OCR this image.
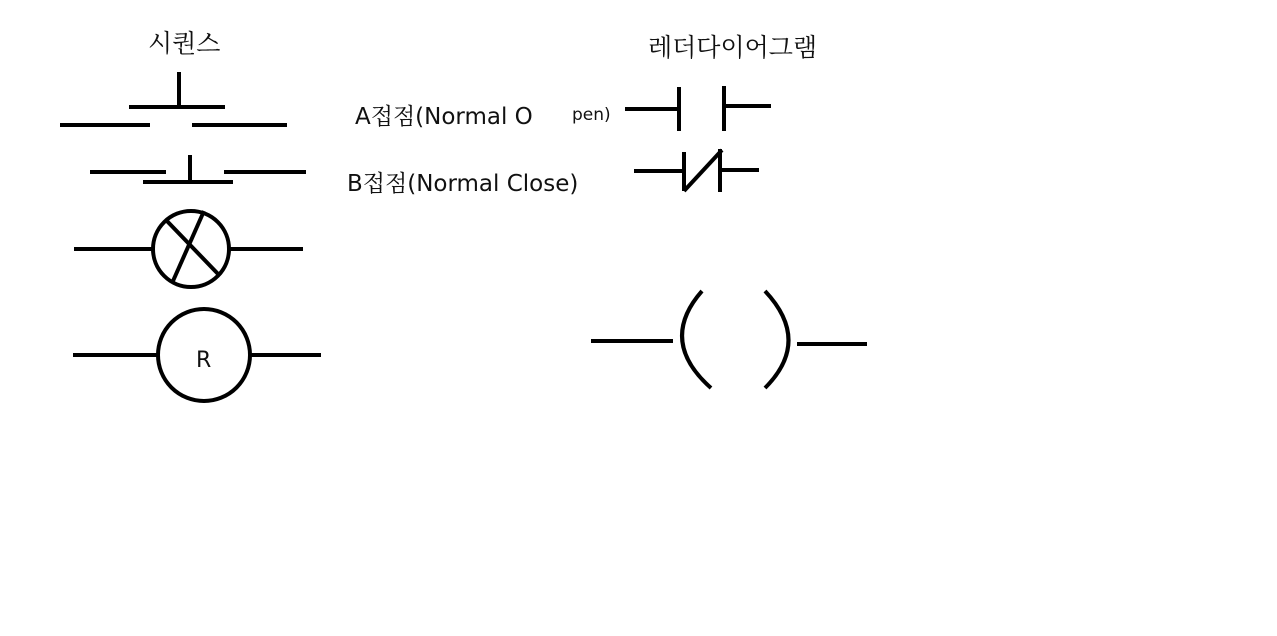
시퀀스	레더다이어그램
A접점(Normal O pen)
B접점(Normal Close)
R
